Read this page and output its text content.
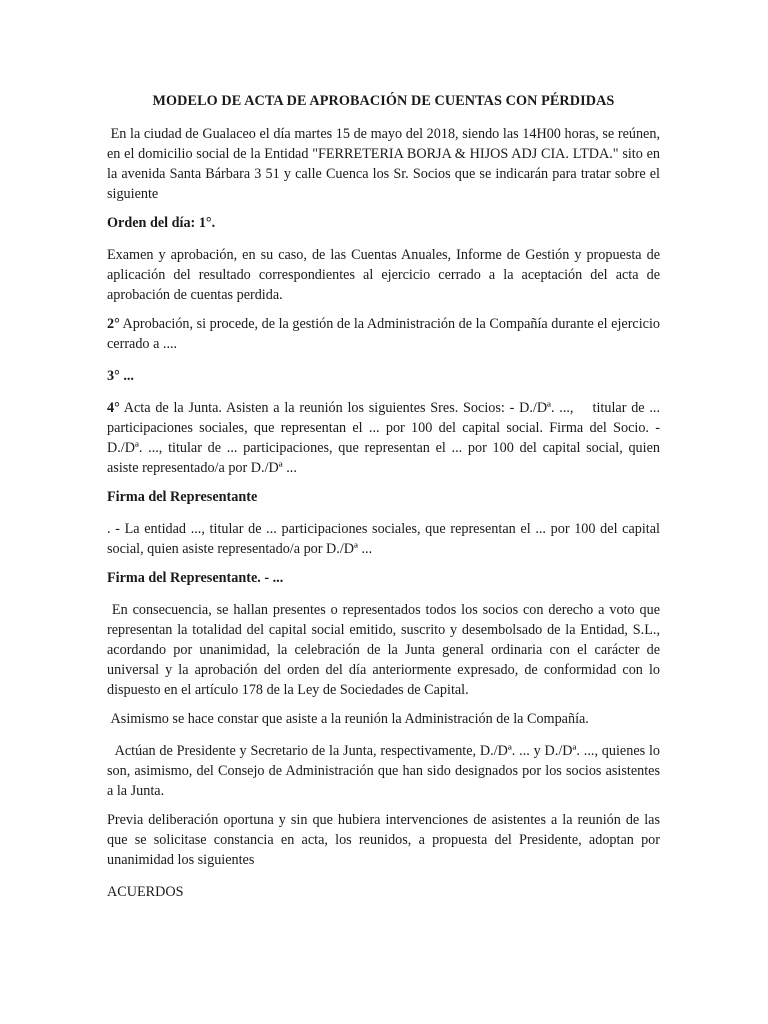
MODELO DE ACTA DE APROBACIÓN DE CUENTAS CON PÉRDIDAS

En la ciudad de Gualaceo el día martes 15 de mayo del 2018, siendo las 14H00 horas, se reúnen, en el domicilio social de la Entidad "FERRETERIA BORJA & HIJOS ADJ CIA. LTDA." sito en la avenida Santa Bárbara 3 51 y calle Cuenca los Sr. Socios que se indicarán para tratar sobre el siguiente

Orden del día: 1°.

Examen y aprobación, en su caso, de las Cuentas Anuales, Informe de Gestión y propuesta de aplicación del resultado correspondientes al ejercicio cerrado a la aceptación del acta de aprobación de cuentas perdida.

2° Aprobación, si procede, de la gestión de la Administración de la Compañía durante el ejercicio cerrado a ....

3° ...

4° Acta de la Junta. Asisten a la reunión los siguientes Sres. Socios: - D./Dª. ...,    titular de ... participaciones sociales, que representan el ... por 100 del capital social. Firma del Socio. - D./Dª. ..., titular de ... participaciones, que representan el ... por 100 del capital social, quien asiste representado/a por D./Dª ...

Firma del Representante

. - La entidad ..., titular de ... participaciones sociales, que representan el ... por 100 del capital social, quien asiste representado/a por D./Dª ...

Firma del Representante. - ...

En consecuencia, se hallan presentes o representados todos los socios con derecho a voto que representan la totalidad del capital social emitido, suscrito y desembolsado de la Entidad, S.L., acordando por unanimidad, la celebración de la Junta general ordinaria con el carácter de universal y la aprobación del orden del día anteriormente expresado, de conformidad con lo dispuesto en el artículo 178 de la Ley de Sociedades de Capital.

Asimismo se hace constar que asiste a la reunión la Administración de la Compañía.

Actúan de Presidente y Secretario de la Junta, respectivamente, D./Dª. ... y D./Dª. ..., quienes lo son, asimismo, del Consejo de Administración que han sido designados por los socios asistentes a la Junta.

Previa deliberación oportuna y sin que hubiera intervenciones de asistentes a la reunión de las que se solicitase constancia en acta, los reunidos, a propuesta del Presidente, adoptan por unanimidad los siguientes

ACUERDOS
